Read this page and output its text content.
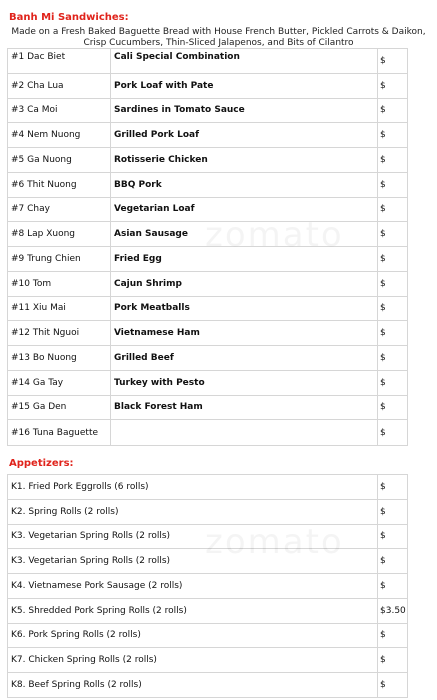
Banh Mi Sandwiches:
Made on a Fresh Baked Baguette Bread with House French Butter, Pickled Carrots & Daikon, Crisp Cucumbers, Thin-Sliced Jalapenos, and Bits of Cilantro
#1 Dac Biet	Cali Special Combination	$
#2 Cha Lua	Pork Loaf with Pate	$
#3 Ca Moi	Sardines in Tomato Sauce	$
#4 Nem Nuong	Grilled Pork Loaf	$
#5 Ga Nuong	Rotisserie Chicken	$
#6 Thit Nuong	BBQ Pork	$
#7 Chay	Vegetarian Loaf	$
#8 Lap Xuong	Asian Sausage	$
#9 Trung Chien	Fried Egg	$
#10 Tom	Cajun Shrimp	$
#11 Xiu Mai	Pork Meatballs	$
#12 Thit Nguoi	Vietnamese Ham	$
#13 Bo Nuong	Grilled Beef	$
#14 Ga Tay	Turkey with Pesto	$
#15 Ga Den	Black Forest Ham	$
#16 Tuna Baguette		$
Appetizers:
K1. Fried Pork Eggrolls (6 rolls)	$
K2. Spring Rolls (2 rolls)	$
K3. Vegetarian Spring Rolls (2 rolls)	$
K3. Vegetarian Spring Rolls (2 rolls)	$
K4. Vietnamese Pork Sausage (2 rolls)	$
K5. Shredded Pork Spring Rolls (2 rolls)	$3.50
K6. Pork Spring Rolls (2 rolls)	$
K7. Chicken Spring Rolls (2 rolls)	$
K8. Beef Spring Rolls (2 rolls)	$
